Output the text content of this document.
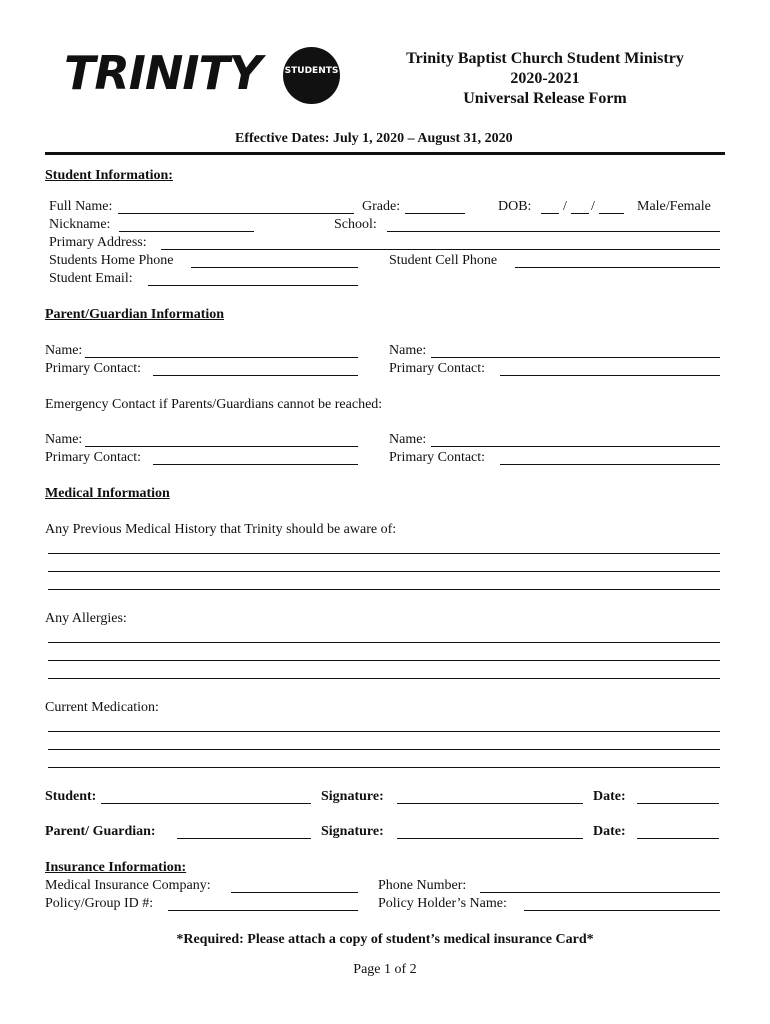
TRINITY	STUDENTS
Trinity Baptist Church Student Ministry
2020-2021
Universal Release Form
Effective Dates: July 1, 2020 – August 31, 2020
Student Information:
Full Name:	Grade:	DOB: / /	Male/Female
Nickname:	School:
Primary Address:
Students Home Phone	Student Cell Phone
Student Email:
Parent/Guardian Information
Name:	Name:
Primary Contact:	Primary Contact:
Emergency Contact if Parents/Guardians cannot be reached:
Name:	Name:
Primary Contact:	Primary Contact:
Medical Information
Any Previous Medical History that Trinity should be aware of:
Any Allergies:
Current Medication:
Student:	Signature:	Date:
Parent/ Guardian:	Signature:	Date:
Insurance Information:
Medical Insurance Company:	Phone Number:
Policy/Group ID #:	Policy Holder’s Name:
*Required: Please attach a copy of student’s medical insurance Card*
Page 1 of 2
